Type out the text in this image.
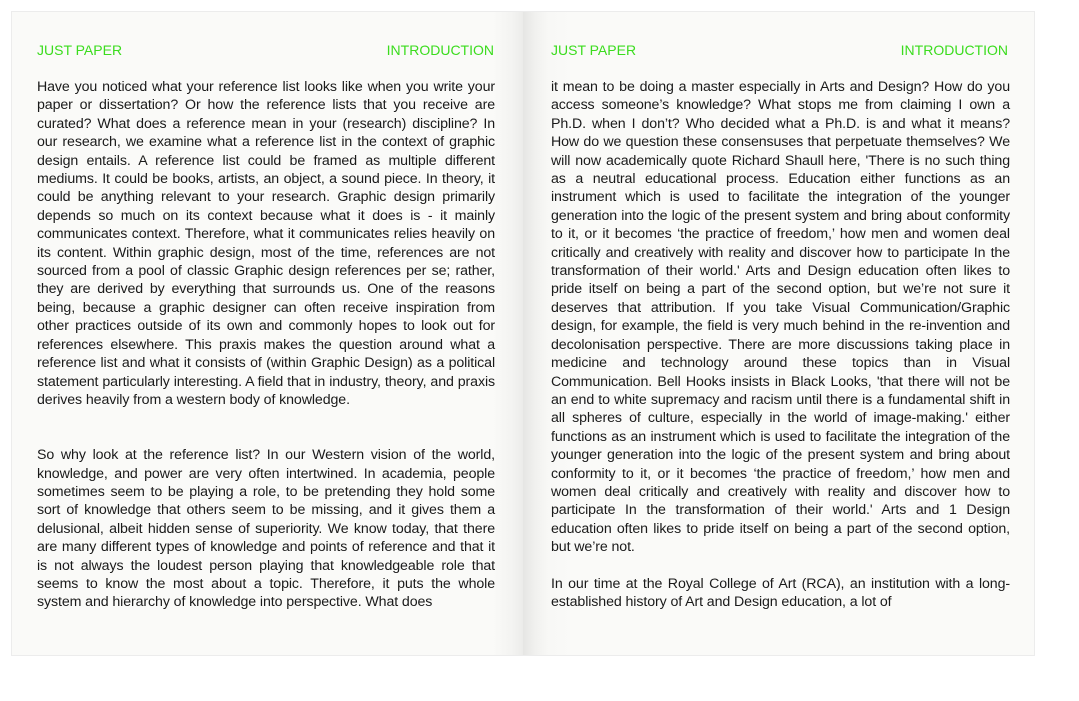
JUST PAPER	INTRODUCTION

Have you noticed what your reference list looks like when you write your paper or dissertation? Or how the reference lists that you receive are curated? What does a reference mean in your (research) discipline? In our research, we examine what a reference list in the context of graphic design entails. A reference list could be framed as multiple different mediums. It could be books, artists, an object, a sound piece. In theory, it could be anything relevant to your research. Graphic design primarily depends so much on its context because what it does is - it mainly communicates context. Therefore, what it communicates relies heavily on its content. Within graphic design, most of the time, references are not sourced from a pool of classic Graphic design references per se; rather, they are derived by everything that surrounds us. One of the reasons being, because a graphic designer can often receive inspiration from other practices outside of its own and commonly hopes to look out for references elsewhere. This praxis makes the question around what a reference list and what it consists of (within Graphic Design) as a political statement particularly interesting. A field that in industry, theory, and praxis derives heavily from a western body of knowledge.

So why look at the reference list? In our Western vision of the world, knowledge, and power are very often intertwined. In academia, people sometimes seem to be playing a role, to be pretending they hold some sort of knowledge that others seem to be missing, and it gives them a delusional, albeit hidden sense of superiority. We know today, that there are many different types of knowledge and points of reference and that it is not always the loudest person playing that knowledgeable role that seems to know the most about a topic. Therefore, it puts the whole system and hierarchy of knowledge into perspective. What does

JUST PAPER	INTRODUCTION

it mean to be doing a master especially in Arts and Design? How do you access someone’s knowledge? What stops me from claiming I own a Ph.D. when I don’t? Who decided what a Ph.D. is and what it means? How do we question these consensuses that perpetuate themselves? We will now academically quote Richard Shaull here, 'There is no such thing as a neutral educational process. Education either functions as an instrument which is used to facilitate the integration of the younger generation into the logic of the present system and bring about conformity to it, or it becomes ‘the practice of freedom,’ how men and women deal critically and creatively with reality and discover how to participate In the transformation of their world.' Arts and Design education often likes to pride itself on being a part of the second option, but we’re not sure it deserves that attribution. If you take Visual Communication/Graphic design, for example, the field is very much behind in the re-invention and decolonisation perspective. There are more discussions taking place in medicine and technology around these topics than in Visual Communication. Bell Hooks insists in Black Looks, 'that there will not be an end to white supremacy and racism until there is a fundamental shift in all spheres of culture, especially in the world of image-making.' either functions as an instrument which is used to facilitate the integration of the younger generation into the logic of the present system and bring about conformity to it, or it becomes ‘the practice of freedom,’ how men and women deal critically and creatively with reality and discover how to participate In the transformation of their world.' Arts and 1 Design education often likes to pride itself on being a part of the second option, but we’re not.

In our time at the Royal College of Art (RCA), an institution with a long-established history of Art and Design education, a lot of
